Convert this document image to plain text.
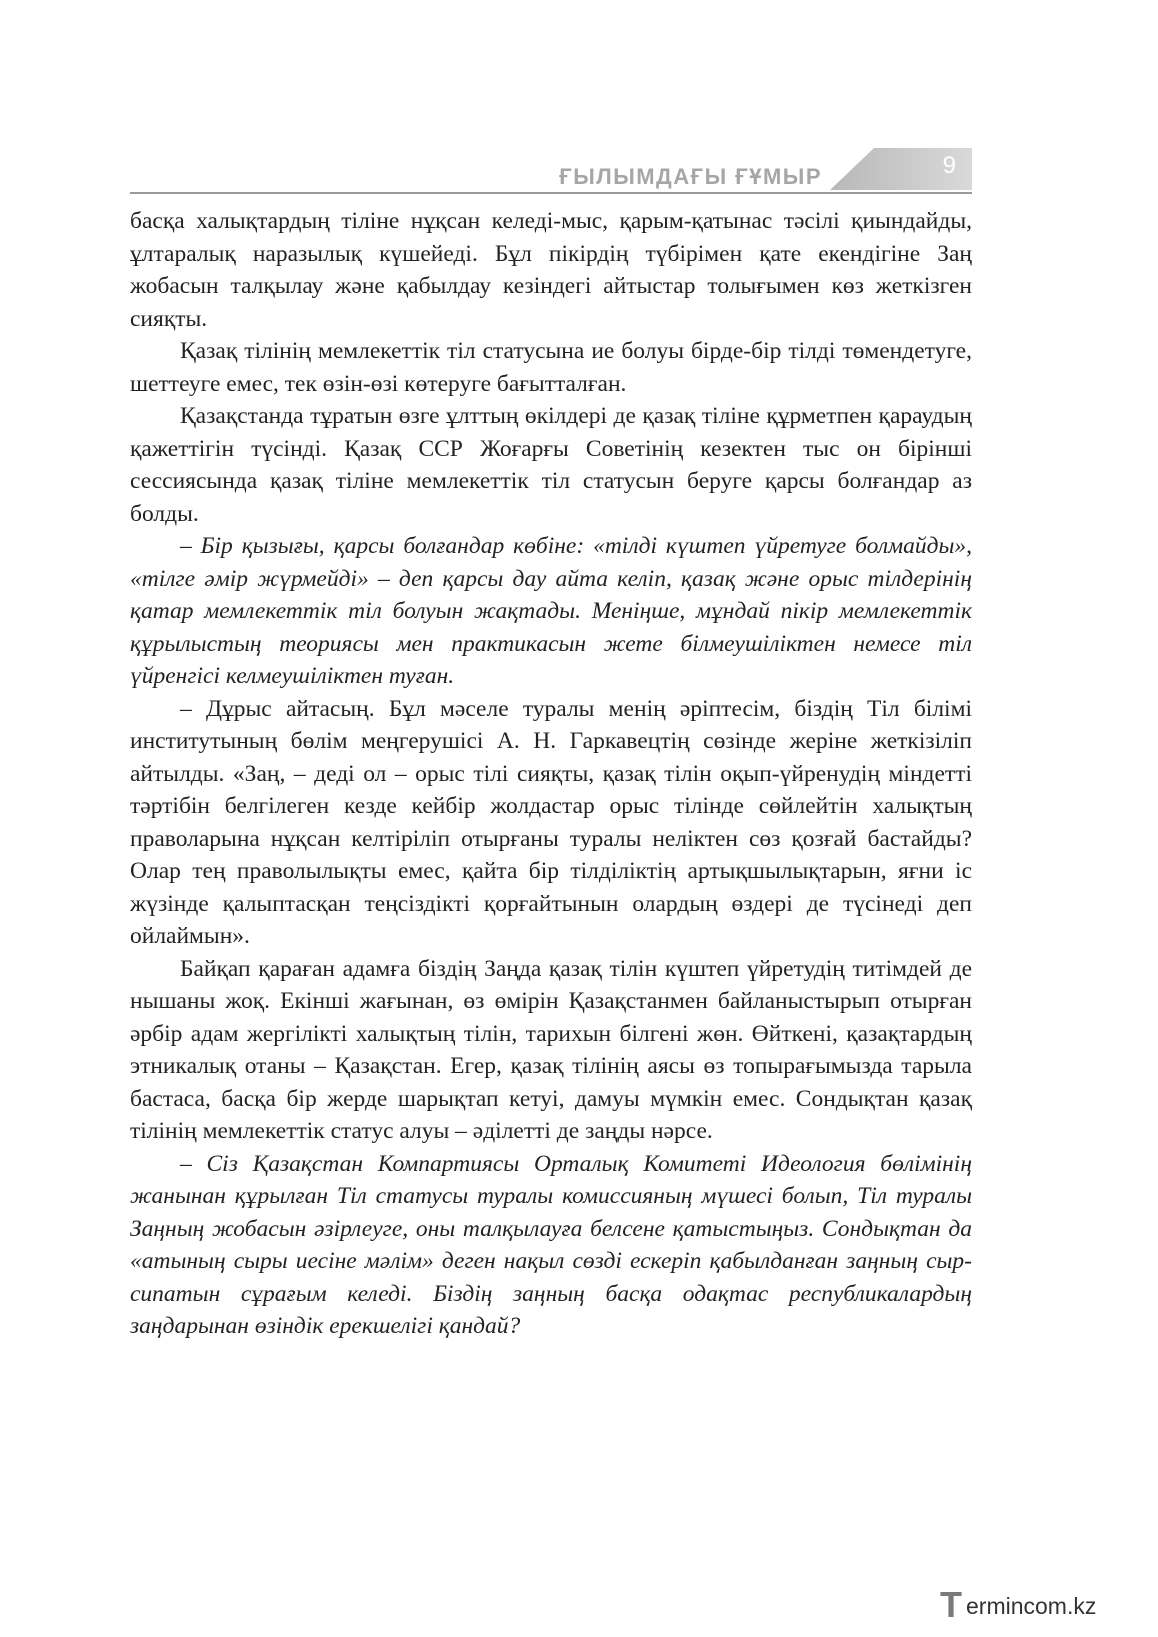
ҒЫЛЫМДАҒЫ ҒҰМЫР	9

басқа халықтардың тіліне нұқсан келеді-мыс, қарым-қатынас тәсілі қиындайды, ұлтаралық наразылық күшейеді. Бұл пікірдің түбірімен қате екендігіне Заң жобасын талқылау және қабылдау кезіндегі айтыстар толығымен көз жеткізген сияқты.

Қазақ тілінің мемлекеттік тіл статусына ие болуы бірде-бір тілді төмендетуге, шеттеуге емес, тек өзін-өзі көтеруге бағытталған.

Қазақстанда тұратын өзге ұлттың өкілдері де қазақ тіліне құрметпен қараудың қажеттігін түсінді. Қазақ ССР Жоғарғы Советінің кезектен тыс он бірінші сессиясында қазақ тіліне мемлекеттік тіл статусын беруге қарсы болғандар аз болды.

– Бір қызығы, қарсы болғандар көбіне: «тілді күштеп үйретуге болмайды», «тілге әмір жүрмейді» – деп қарсы дау айта келіп, қазақ және орыс тілдерінің қатар мемлекеттік тіл болуын жақтады. Меніңше, мұндай пікір мемлекеттік құрылыстың теориясы мен практикасын жете білмеушіліктен немесе тіл үйренгісі келмеушіліктен туған.

– Дұрыс айтасың. Бұл мәселе туралы менің әріптесім, біздің Тіл білімі институтының бөлім меңгерушісі А. Н. Гаркавецтің сөзінде жеріне жеткізіліп айтылды. «Заң, – деді ол – орыс тілі сияқты, қазақ тілін оқып-үйренудің міндетті тәртібін белгілеген кезде кейбір жолдастар орыс тілінде сөйлейтін халықтың праволарына нұқсан келтіріліп отырғаны туралы неліктен сөз қозғай бастайды? Олар тең праволылықты емес, қайта бір тілділіктің артықшылықтарын, яғни іс жүзінде қалыптасқан теңсіздікті қорғайтынын олардың өздері де түсінеді деп ойлаймын».

Байқап қараған адамға біздің Заңда қазақ тілін күштеп үйретудің титімдей де нышаны жоқ. Екінші жағынан, өз өмірін Қазақстанмен байланыстырып отырған әрбір адам жергілікті халықтың тілін, тарихын білгені жөн. Өйткені, қазақтардың этникалық отаны – Қазақстан. Егер, қазақ тілінің аясы өз топырағымызда тарыла бастаса, басқа бір жерде шарықтап кетуі, дамуы мүмкін емес. Сондықтан қазақ тілінің мемлекеттік статус алуы – әділетті де заңды нәрсе.

– Сіз Қазақстан Компартиясы Орталық Комитеті Идеология бөлімінің жанынан құрылған Тіл статусы туралы комиссияның мүшесі болып, Тіл туралы Заңның жобасын әзірлеуге, оны талқылауға белсене қатыстыңыз. Сондықтан да «атының сыры иесіне мәлім» деген нақыл сөзді ескеріп қабылданған заңның сыр-сипатын сұрағым келеді. Біздің заңның басқа одақтас республикалардың заңдарынан өзіндік ерекшелігі қандай?

T ermincom.kz
